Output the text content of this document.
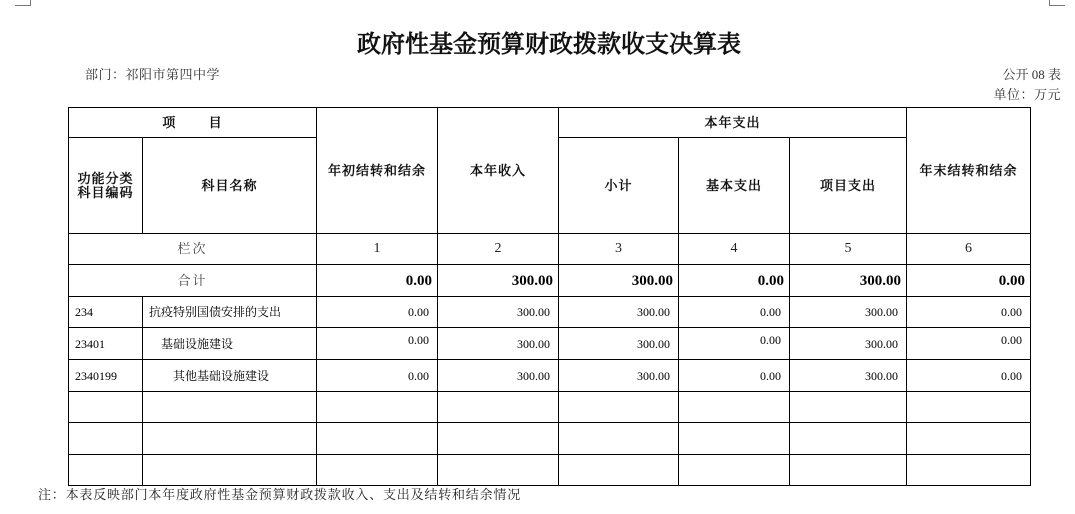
政府性基金预算财政拨款收支决算表
部门：祁阳市第四中学	公开 08 表
单位：万元
项 目		年初结转和结余	本年收入	本年支出			年末结转和结余

功能分类
科目编码	科目名称			小计	基本支出	项目支出	
栏次		1	2	3	4	5	6
合计		0.00	300.00	300.00	0.00	300.00	0.00
234	抗疫特别国债安排的支出	0.00	300.00	300.00	0.00	300.00	0.00
23401	基础设施建设	0.00	300.00	300.00	0.00	300.00	0.00
2340199	其他基础设施建设	0.00	300.00	300.00	0.00	300.00	0.00

注：本表反映部门本年度政府性基金预算财政拨款收入、支出及结转和结余情况
